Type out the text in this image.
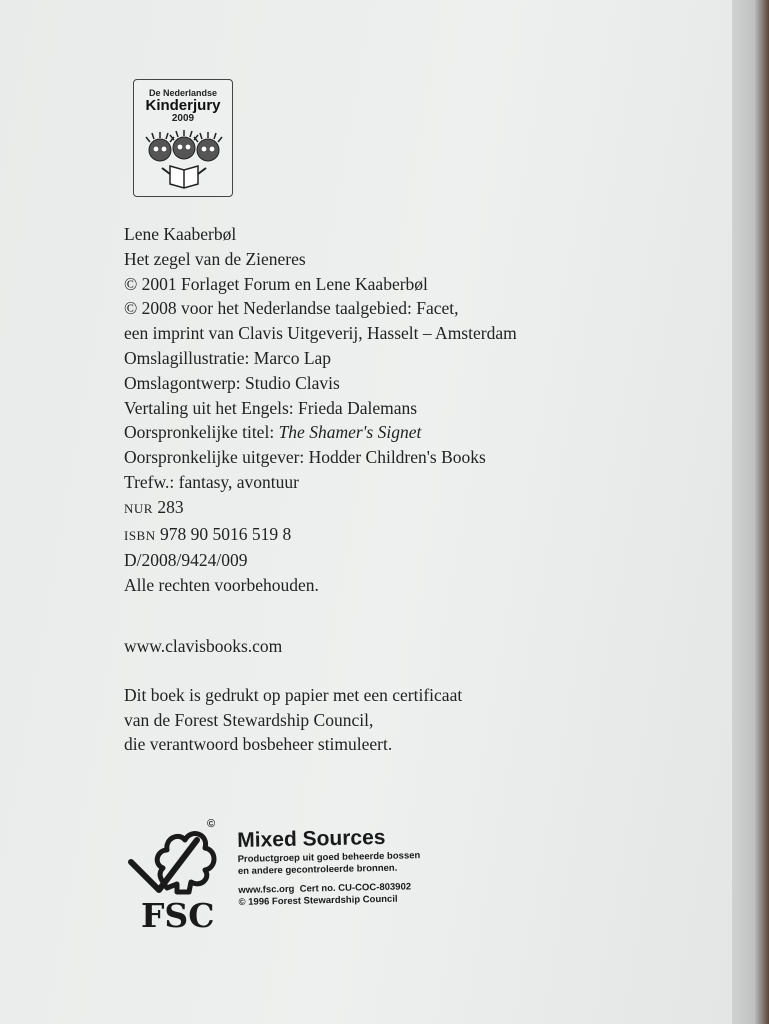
De Nederlandse
Kinderjury
2009
Lene Kaaberbøl
Het zegel van de Zieneres
© 2001 Forlaget Forum en Lene Kaaberbøl
© 2008 voor het Nederlandse taalgebied: Facet,
een imprint van Clavis Uitgeverij, Hasselt – Amsterdam
Omslagillustratie: Marco Lap
Omslagontwerp: Studio Clavis
Vertaling uit het Engels: Frieda Dalemans
Oorspronkelijke titel: The Shamer's Signet
Oorspronkelijke uitgever: Hodder Children's Books
Trefw.: fantasy, avontuur
NUR 283
ISBN 978 90 5016 519 8
D/2008/9424/009
Alle rechten voorbehouden.
www.clavisbooks.com
Dit boek is gedrukt op papier met een certificaat
van de Forest Stewardship Council,
die verantwoord bosbeheer stimuleert.
©
FSC
Mixed Sources
Productgroep uit goed beheerde bossen
en andere gecontroleerde bronnen.
www.fsc.org Cert no. CU-COC-803902
© 1996 Forest Stewardship Council
